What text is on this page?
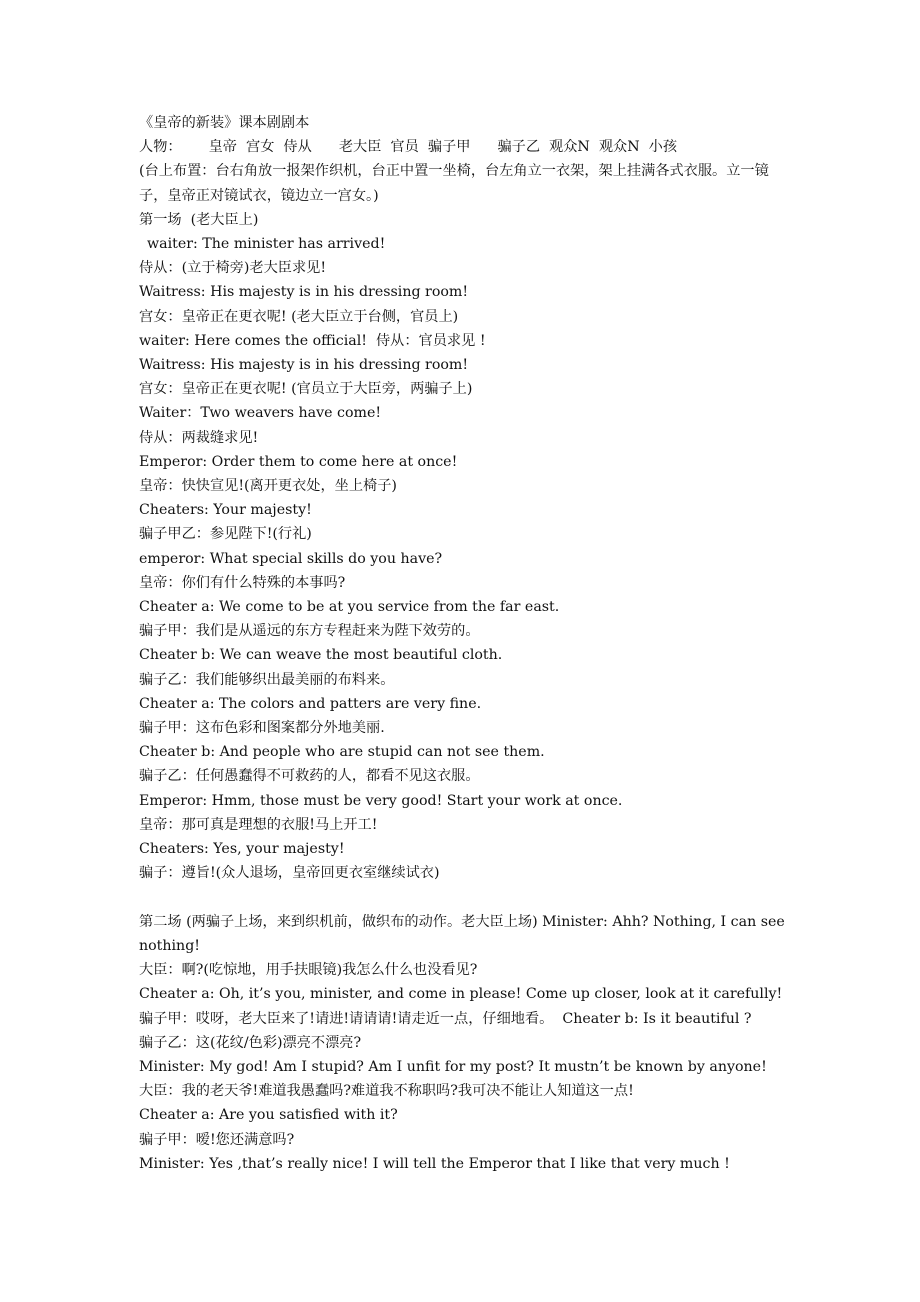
《皇帝的新装》课本剧剧本
人物：      皇帝  宫女  侍从      老大臣  官员  骗子甲      骗子乙  观众N  观众N  小孩
(台上布置：台右角放一报架作织机，台正中置一坐椅，台左角立一衣架，架上挂满各式衣服。立一镜子，皇帝正对镜试衣，镜边立一宫女。)
第一场  (老大臣上)
waiter: The minister has arrived!
侍从：(立于椅旁)老大臣求见!
Waitress: His majesty is in his dressing room!
宫女：皇帝正在更衣呢! (老大臣立于台侧，官员上)
waiter: Here comes the official!  侍从：官员求见 !
Waitress: His majesty is in his dressing room!
宫女：皇帝正在更衣呢! (官员立于大臣旁，两骗子上)
Waiter：Two weavers have come!
侍从：两裁缝求见!
Emperor: Order them to come here at once!
皇帝：快快宣见!(离开更衣处，坐上椅子)
Cheaters: Your majesty!
骗子甲乙：参见陛下!(行礼)
emperor: What special skills do you have?
皇帝：你们有什么特殊的本事吗?
Cheater a: We come to be at you service from the far east.
骗子甲：我们是从遥远的东方专程赶来为陛下效劳的。
Cheater b: We can weave the most beautiful cloth.
骗子乙：我们能够织出最美丽的布料来。
Cheater a: The colors and patters are very fine.
骗子甲：这布色彩和图案都分外地美丽.
Cheater b: And people who are stupid can not see them.
骗子乙：任何愚蠢得不可救药的人，都看不见这衣服。
Emperor: Hmm, those must be very good! Start your work at once.
皇帝：那可真是理想的衣服!马上开工!
Cheaters: Yes, your majesty!
骗子：遵旨!(众人退场，皇帝回更衣室继续试衣)
第二场 (两骗子上场，来到织机前，做织布的动作。老大臣上场) Minister: Ahh? Nothing, I can see nothing!
大臣：啊?(吃惊地，用手扶眼镜)我怎么什么也没看见?
Cheater a: Oh, it’s you, minister, and come in please! Come up closer, look at it carefully!
骗子甲：哎呀，老大臣来了!请进!请请请!请走近一点，仔细地看。  Cheater b: Is it beautiful ?
骗子乙：这(花纹/色彩)漂亮不漂亮?
Minister: My god! Am I stupid? Am I unfit for my post? It mustn’t be known by anyone!
大臣：我的老天爷!难道我愚蠢吗?难道我不称职吗?我可决不能让人知道这一点!
Cheater a: Are you satisfied with it?
骗子甲：嗳!您还满意吗?
Minister: Yes ,that’s really nice! I will tell the Emperor that I like that very much !
